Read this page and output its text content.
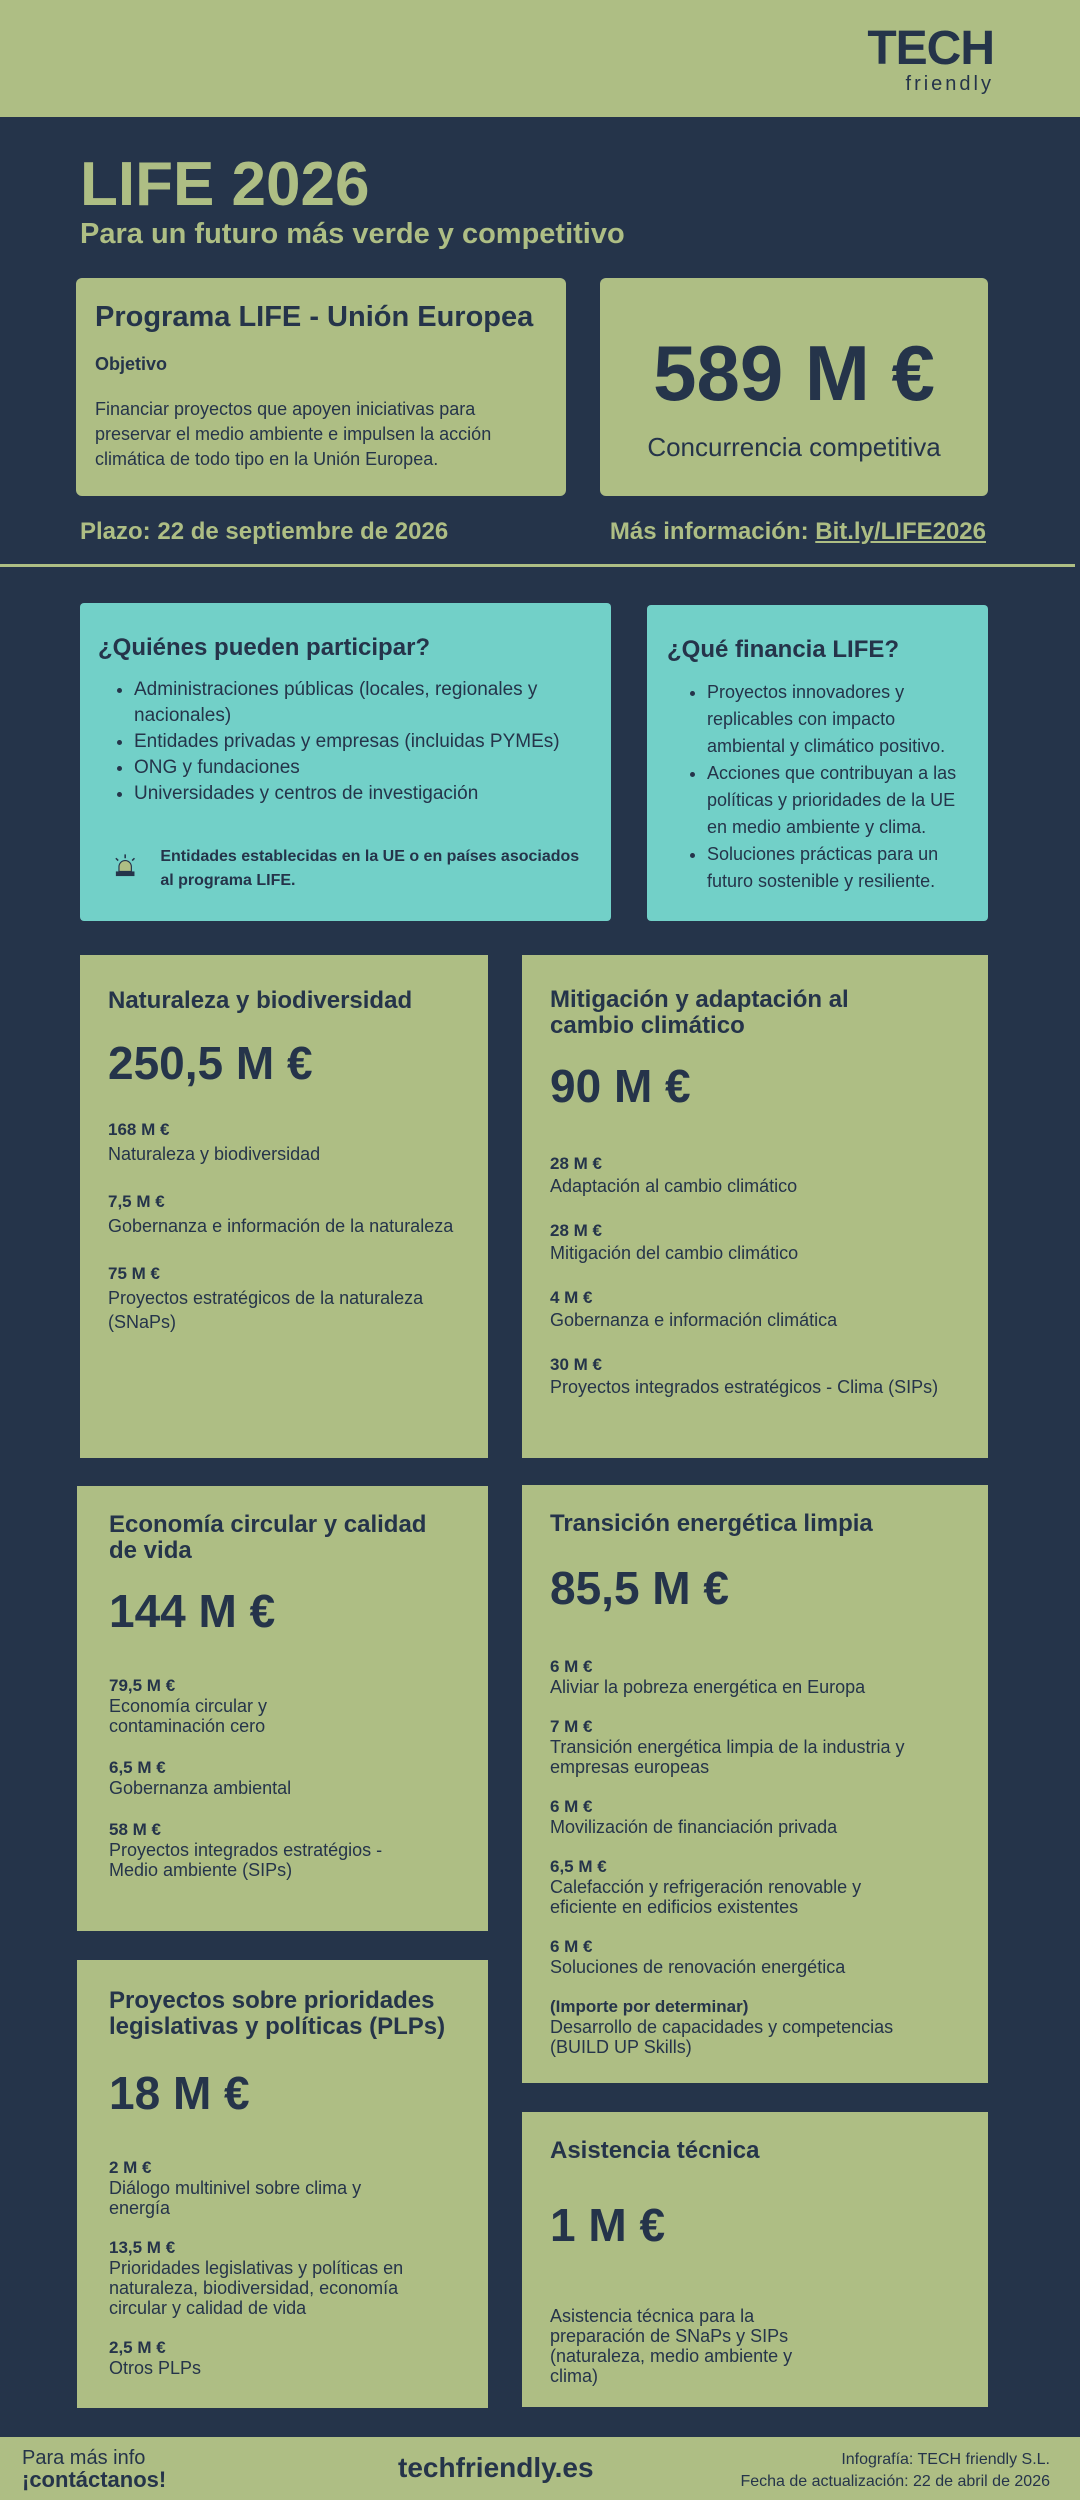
TECH
friendly
LIFE 2026
Para un futuro más verde y competitivo
Programa LIFE - Unión Europea
Objetivo

Financiar proyectos que apoyen iniciativas para preservar el medio ambiente e impulsen la acción climática de todo tipo en la Unión Europea.

589 M €
Concurrencia competitiva
Plazo: 22 de septiembre de 2026	Más información: Bit.ly/LIFE2026
¿Quiénes pueden participar?
• Administraciones públicas (locales, regionales y nacionales)
• Entidades privadas y empresas (incluidas PYMEs)
• ONG y fundaciones
• Universidades y centros de investigación
Entidades establecidas en la UE o en países asociados al programa LIFE.
¿Qué financia LIFE?
• Proyectos innovadores y replicables con impacto ambiental y climático positivo.
• Acciones que contribuyan a las políticas y prioridades de la UE en medio ambiente y clima.
• Soluciones prácticas para un futuro sostenible y resiliente.
Naturaleza y biodiversidad
250,5 M €
168 M €
Naturaleza y biodiversidad
7,5 M €
Gobernanza e información de la naturaleza
75 M €
Proyectos estratégicos de la naturaleza (SNaPs)
Mitigación y adaptación al cambio climático
90 M €
28 M €
Adaptación al cambio climático
28 M €
Mitigación del cambio climático
4 M €
Gobernanza e información climática
30 M €
Proyectos integrados estratégicos - Clima (SIPs)
Economía circular y calidad de vida
144 M €
79,5 M €
Economía circular y contaminación cero
6,5 M €
Gobernanza ambiental
58 M €
Proyectos integrados estratégios - Medio ambiente (SIPs)
Transición energética limpia
85,5 M €
6 M €
Aliviar la pobreza energética en Europa
7 M €
Transición energética limpia de la industria y empresas europeas
6 M €
Movilización de financiación privada
6,5 M €
Calefacción y refrigeración renovable y eficiente en edificios existentes
6 M €
Soluciones de renovación energética
(Importe por determinar)
Desarrollo de capacidades y competencias (BUILD UP Skills)
Proyectos sobre prioridades legislativas y políticas (PLPs)
18 M €
2 M €
Diálogo multinivel sobre clima y energía
13,5 M €
Prioridades legislativas y políticas en naturaleza, biodiversidad, economía circular y calidad de vida
2,5 M €
Otros PLPs
Asistencia técnica
1 M €
Asistencia técnica para la preparación de SNaPs y SIPs (naturaleza, medio ambiente y clima)
Para más info
¡contáctanos!	techfriendly.es	Infografía: TECH friendly S.L.
Fecha de actualización: 22 de abril de 2026
